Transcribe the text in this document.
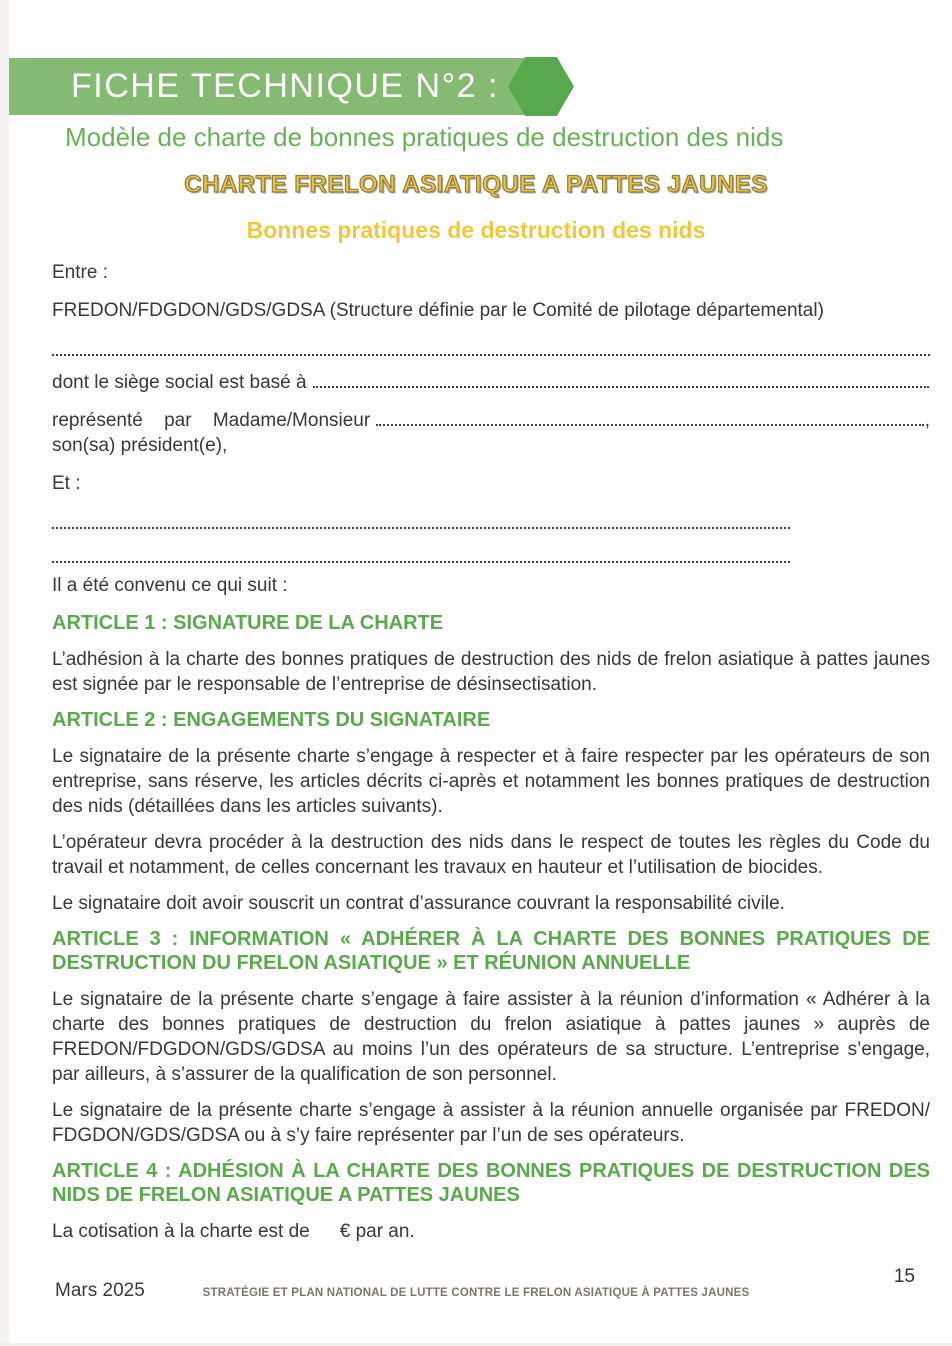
FICHE TECHNIQUE N°2 :
Modèle de charte de bonnes pratiques de destruction des nids
CHARTE FRELON ASIATIQUE A PATTES JAUNES
Bonnes pratiques de destruction des nids

Entre :

FREDON/FDGDON/GDS/GDSA (Structure définie par le Comité de pilotage départemental)

dont le siège social est basé à
représenté par Madame/Monsieur	,

son(sa) président(e),

Et :

Il a été convenu ce qui suit :

ARTICLE 1 : SIGNATURE DE LA CHARTE

L’adhésion à la charte des bonnes pratiques de destruction des nids de frelon asiatique à pattes jaunes est signée par le responsable de l’entreprise de désinsectisation.

ARTICLE 2 : ENGAGEMENTS DU SIGNATAIRE

Le signataire de la présente charte s’engage à respecter et à faire respecter par les opérateurs de son entreprise, sans réserve, les articles décrits ci-après et notamment les bonnes pratiques de destruction des nids (détaillées dans les articles suivants).

L’opérateur devra procéder à la destruction des nids dans le respect de toutes les règles du Code du travail et notamment, de celles concernant les travaux en hauteur et l’utilisation de biocides.

Le signataire doit avoir souscrit un contrat d’assurance couvrant la responsabilité civile.

ARTICLE 3 : INFORMATION « ADHÉRER À LA CHARTE DES BONNES PRATIQUES DE DESTRUCTION DU FRELON ASIATIQUE » ET RÉUNION ANNUELLE

Le signataire de la présente charte s’engage à faire assister à la réunion d’information « Adhérer à la charte des bonnes pratiques de destruction du frelon asiatique à pattes jaunes » auprès de FREDON/FDGDON/GDS/GDSA au moins l’un des opérateurs de sa structure. L’entreprise s’engage, par ailleurs, à s’assurer de la qualification de son personnel.

Le signataire de la présente charte s’engage à assister à la réunion annuelle organisée par FREDON/ FDGDON/GDS/GDSA ou à s’y faire représenter par l’un de ses opérateurs.

ARTICLE 4 : ADHÉSION À LA CHARTE DES BONNES PRATIQUES DE DESTRUCTION DES NIDS DE FRELON ASIATIQUE A PATTES JAUNES
La cotisation à la charte est de € par an.
Mars 2025	STRATÉGIE ET PLAN NATIONAL DE LUTTE CONTRE LE FRELON ASIATIQUE À PATTES JAUNES
15
